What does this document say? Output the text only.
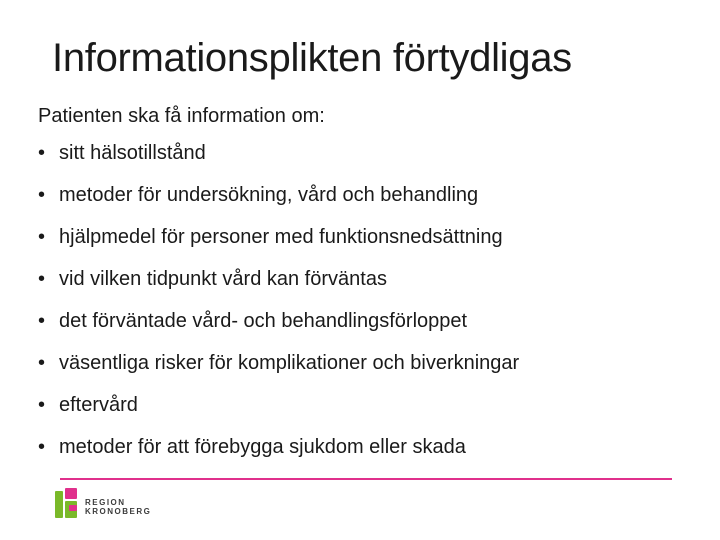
Informationsplikten förtydligas

Patienten ska få information om:

• sitt hälsotillstånd
• metoder för undersökning, vård och behandling
• hjälpmedel för personer med funktionsnedsättning
• vid vilken tidpunkt vård kan förväntas
• det förväntade vård- och behandlingsförloppet
• väsentliga risker för komplikationer och biverkningar
• eftervård
• metoder för att förebygga sjukdom eller skada
REGION
KRONOBERG
